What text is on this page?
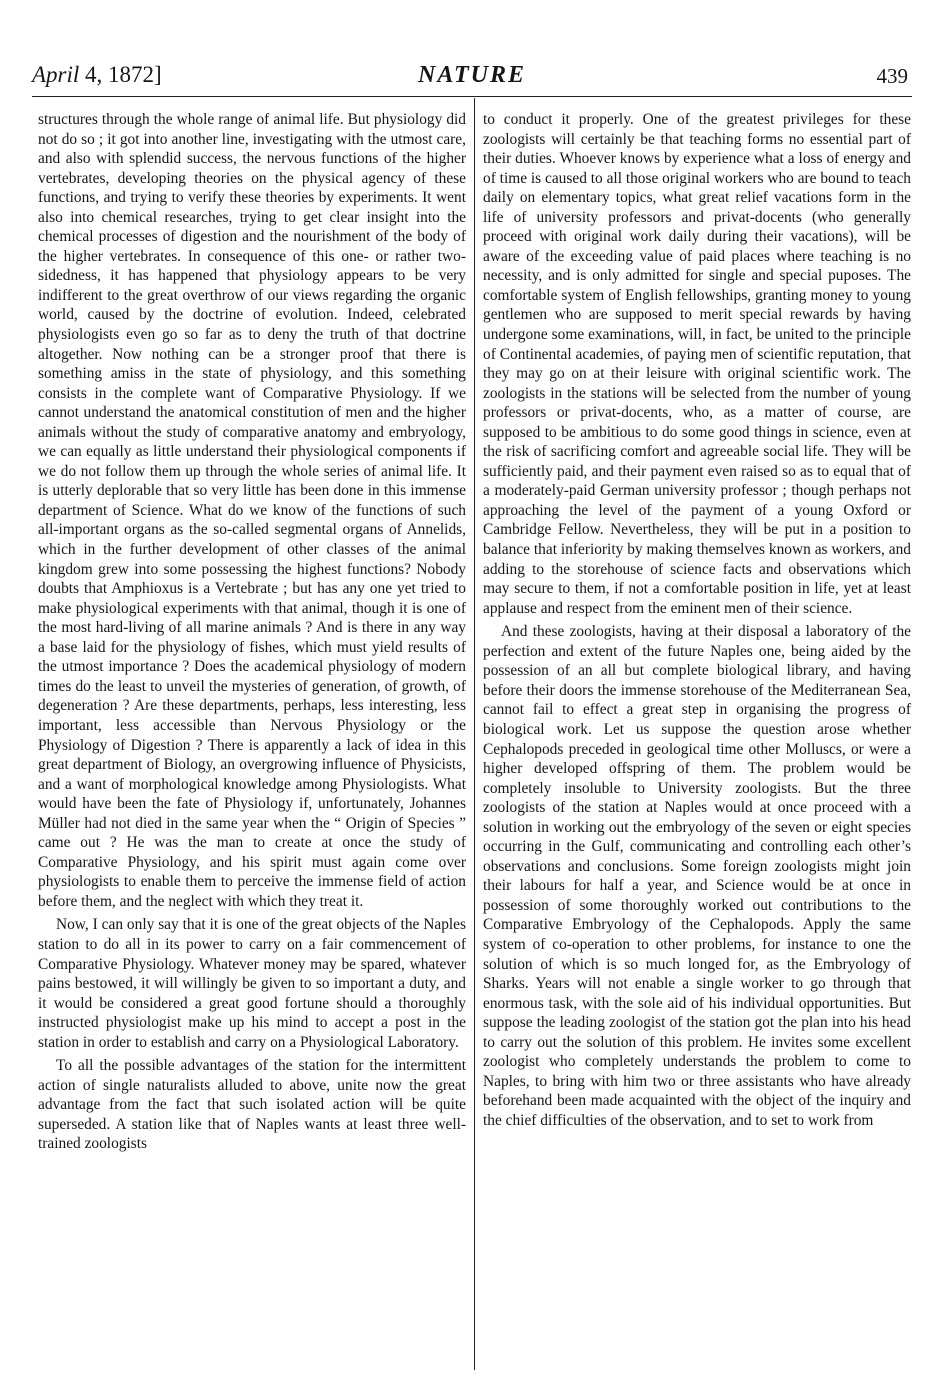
April 4, 1872]	NATURE	439

structures through the whole range of animal life. But physiology did not do so ; it got into another line, investigating with the utmost care, and also with splendid success, the nervous functions of the higher vertebrates, developing theories on the physical agency of these functions, and trying to verify these theories by experiments. It went also into chemical researches, trying to get clear insight into the chemical processes of digestion and the nourishment of the body of the higher vertebrates. In consequence of this one- or rather two-sidedness, it has happened that physiology appears to be very indifferent to the great overthrow of our views regarding the organic world, caused by the doctrine of evolution. Indeed, celebrated physiologists even go so far as to deny the truth of that doctrine altogether. Now nothing can be a stronger proof that there is something amiss in the state of physiology, and this something consists in the complete want of Comparative Physiology. If we cannot understand the anatomical constitution of men and the higher animals without the study of comparative anatomy and embryology, we can equally as little understand their physiological components if we do not follow them up through the whole series of animal life. It is utterly deplorable that so very little has been done in this immense department of Science. What do we know of the functions of such all-important organs as the so-called segmental organs of Annelids, which in the further development of other classes of the animal kingdom grew into some possessing the highest functions? Nobody doubts that Amphioxus is a Vertebrate ; but has any one yet tried to make physiological experiments with that animal, though it is one of the most hard-living of all marine animals ? And is there in any way a base laid for the physiology of fishes, which must yield results of the utmost importance ? Does the academical physiology of modern times do the least to unveil the mysteries of generation, of growth, of degeneration ? Are these departments, perhaps, less interesting, less important, less accessible than Nervous Physiology or the Physiology of Digestion ? There is apparently a lack of idea in this great department of Biology, an overgrowing influence of Physicists, and a want of morphological knowledge among Physiologists. What would have been the fate of Physiology if, unfortunately, Johannes Müller had not died in the same year when the “ Origin of Species ” came out ? He was the man to create at once the study of Comparative Physiology, and his spirit must again come over physiologists to enable them to perceive the immense field of action before them, and the neglect with which they treat it.

Now, I can only say that it is one of the great objects of the Naples station to do all in its power to carry on a fair commencement of Comparative Physiology. Whatever money may be spared, whatever pains bestowed, it will willingly be given to so important a duty, and it would be considered a great good fortune should a thoroughly instructed physiologist make up his mind to accept a post in the station in order to establish and carry on a Physiological Laboratory.

To all the possible advantages of the station for the intermittent action of single naturalists alluded to above, unite now the great advantage from the fact that such isolated action will be quite superseded. A station like that of Naples wants at least three well-trained zoologists

to conduct it properly. One of the greatest privileges for these zoologists will certainly be that teaching forms no essential part of their duties. Whoever knows by experience what a loss of energy and of time is caused to all those original workers who are bound to teach daily on elementary topics, what great relief vacations form in the life of university professors and privat-docents (who generally proceed with original work daily during their vacations), will be aware of the exceeding value of paid places where teaching is no necessity, and is only admitted for single and special puposes. The comfortable system of English fellowships, granting money to young gentlemen who are supposed to merit special rewards by having undergone some examinations, will, in fact, be united to the principle of Continental academies, of paying men of scientific reputation, that they may go on at their leisure with original scientific work. The zoologists in the stations will be selected from the number of young professors or privat-docents, who, as a matter of course, are supposed to be ambitious to do some good things in science, even at the risk of sacrificing comfort and agreeable social life. They will be sufficiently paid, and their payment even raised so as to equal that of a moderately-paid German university professor ; though perhaps not approaching the level of the payment of a young Oxford or Cambridge Fellow. Nevertheless, they will be put in a position to balance that inferiority by making themselves known as workers, and adding to the storehouse of science facts and observations which may secure to them, if not a comfortable position in life, yet at least applause and respect from the eminent men of their science.

And these zoologists, having at their disposal a laboratory of the perfection and extent of the future Naples one, being aided by the possession of an all but complete biological library, and having before their doors the immense storehouse of the Mediterranean Sea, cannot fail to effect a great step in organising the progress of biological work. Let us suppose the question arose whether Cephalopods preceded in geological time other Molluscs, or were a higher developed offspring of them. The problem would be completely insoluble to University zoologists. But the three zoologists of the station at Naples would at once proceed with a solution in working out the embryology of the seven or eight species occurring in the Gulf, communicating and controlling each other’s observations and conclusions. Some foreign zoologists might join their labours for half a year, and Science would be at once in possession of some thoroughly worked out contributions to the Comparative Embryology of the Cephalopods. Apply the same system of co-operation to other problems, for instance to one the solution of which is so much longed for, as the Embryology of Sharks. Years will not enable a single worker to go through that enormous task, with the sole aid of his individual opportunities. But suppose the leading zoologist of the station got the plan into his head to carry out the solution of this problem. He invites some excellent zoologist who completely understands the problem to come to Naples, to bring with him two or three assistants who have already beforehand been made acquainted with the object of the inquiry and the chief difficulties of the observation, and to set to work from
